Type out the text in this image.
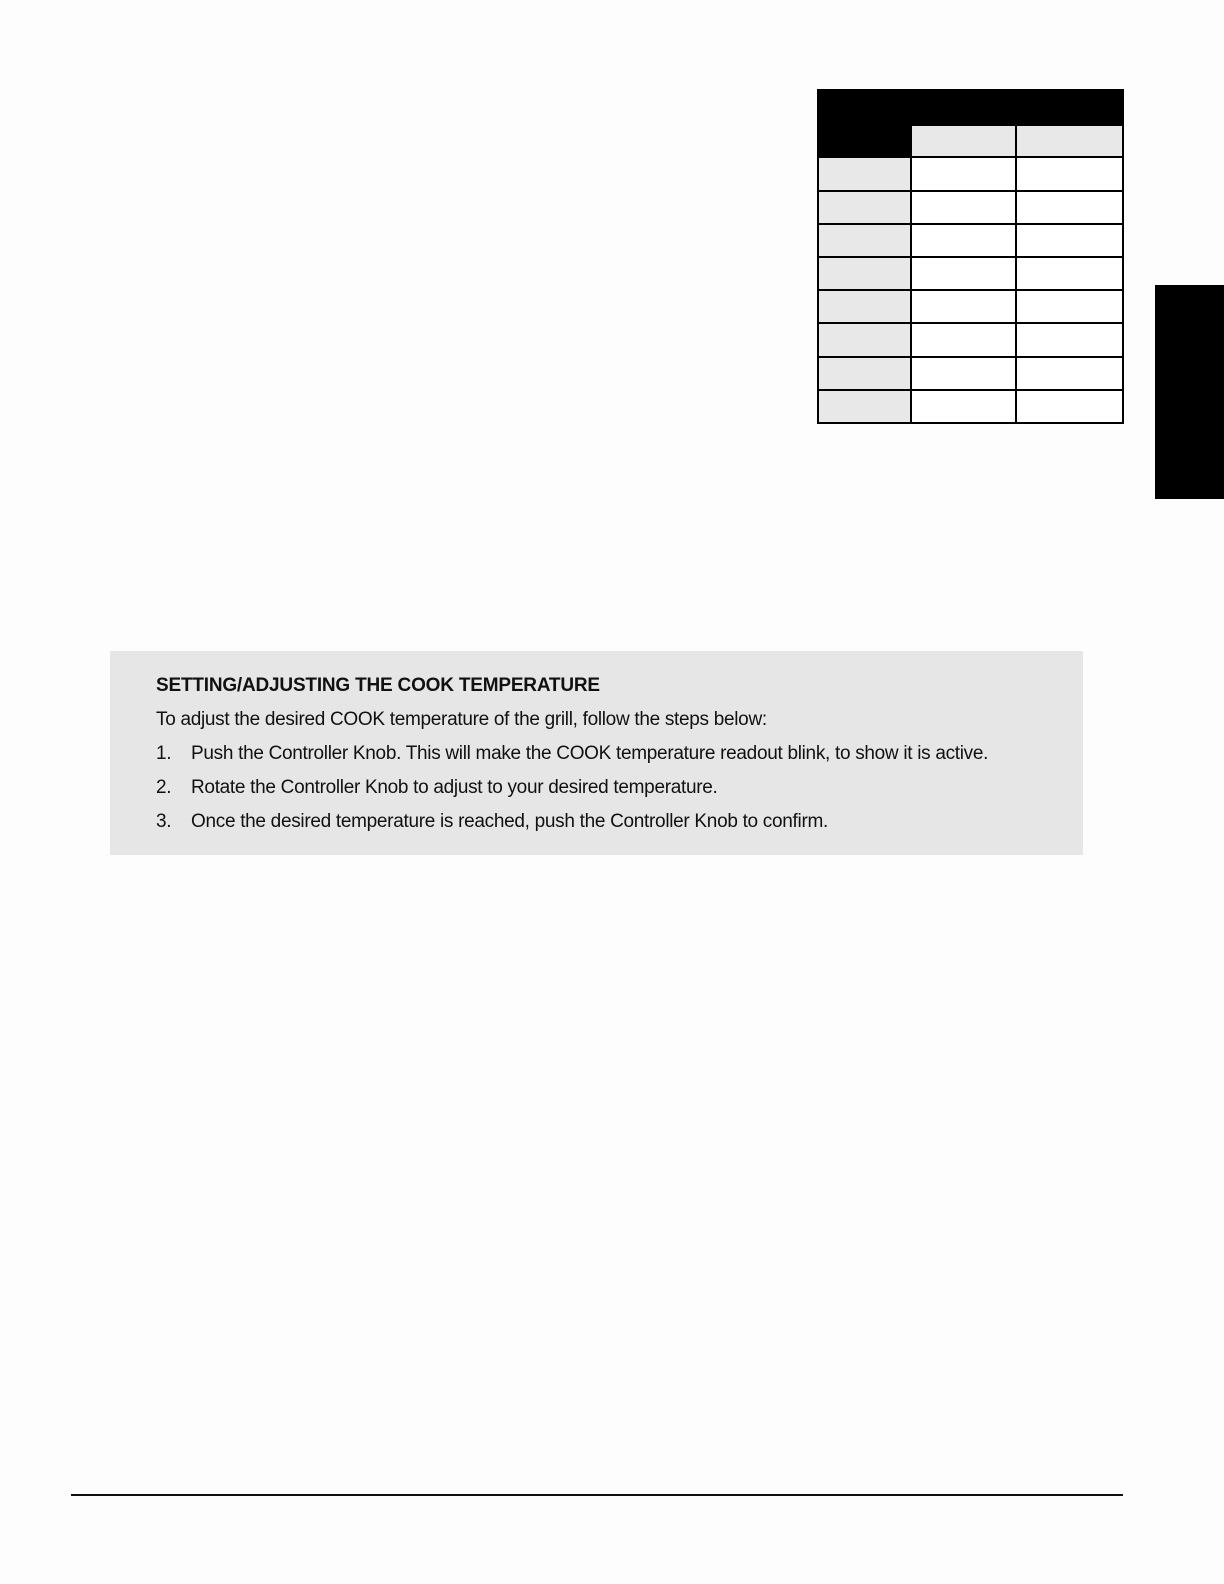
SETTING/ADJUSTING THE COOK TEMPERATURE

To adjust the desired COOK temperature of the grill, follow the steps below:

1. Push the Controller Knob. This will make the COOK temperature readout blink, to show it is active.
2. Rotate the Controller Knob to adjust to your desired temperature.
3. Once the desired temperature is reached, push the Controller Knob to confirm.
